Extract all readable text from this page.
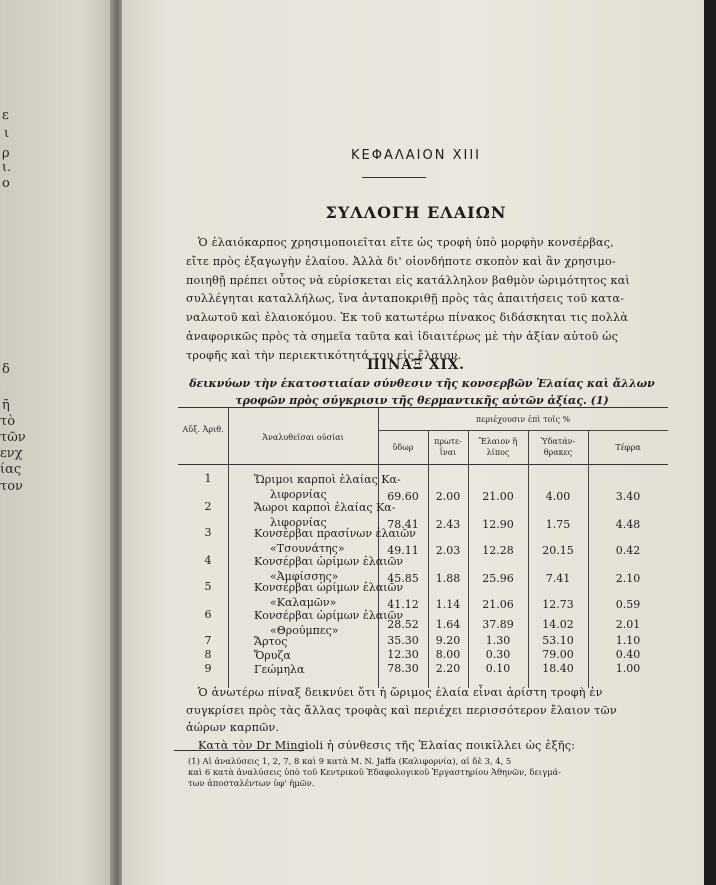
ε
ι
ρ
ι.
ο
δ
ῆ
τὸ
τῶν
ενχ
ίας
τον
ΚΕΦΑΛΑΙΟΝ XIII
ΣΥΛΛΟΓΗ ΕΛΑΙΩΝ
Ὁ ἐλαιόκαρπος χρησιμοποιεῖται εἴτε ὡς τροφὴ ὑπὸ μορφὴν κονσέρβας,
εἴτε πρὸς ἐξαγωγὴν ἐλαίου. Ἀλλὰ δι' οἱονδήποτε σκοπὸν καὶ ἂν χρησιμο-
ποιηθῇ πρέπει οὗτος νὰ εὑρίσκεται εἰς κατάλληλον βαθμὸν ὡριμότητος καὶ
συλλέγηται καταλλήλως, ἵνα ἀνταποκριθῇ πρὸς τὰς ἀπαιτήσεις τοῦ κατα-
ναλωτοῦ καὶ ἐλαιοκόμου. Ἐκ τοῦ κατωτέρω πίνακος διδάσκηται τις πολλὰ
ἀναφορικῶς πρὸς τὰ σημεῖα ταῦτα καὶ ἰδιαιτέρως μὲ τὴν ἀξίαν αὐτοῦ ὡς
τροφῆς καὶ τὴν περιεκτικότητά του εἰς ἔλαιον.
ΠΙΝΑΞ XIX.
δεικνύων τὴν ἑκατοστιαίαν σύνθεσιν τῆς κονσερβῶν Ἐλαίας καὶ ἄλλων
τροφῶν πρὸς σύγκρισιν τῆς θερμαντικῆς αὐτῶν ἀξίας. (1)
Αὔξ. Ἀριθ.
Ἀναλυθεῖσαι οὐσίαι
περιέχουσιν ἐπὶ τοῖς %
ὕδωρ
πρωτε-ΐναι
Ἔλαιον ἢ λίπος
Ὑδατάν-θρακες
Τέφρα
1	Ὥριμοι καρποὶ ἐλαίας Κα-
λιφορνίας	69.60	2.00	21.00	4.00	3.40
2	Ἄωροι καρποὶ ἐλαίας Κα-
λιφορνίας	78.41	2.43	12.90	1.75	4.48
3	Κονσέρβαι πρασίνων ἐλαιῶν
«Τσουνάτης»	49.11	2.03	12.28	20.15	0.42
4	Κονσέρβαι ὡρίμων ἐλαιῶν
«Ἀμφίσσης»	45.85	1.88	25.96	7.41	2.10
5	Κονσέρβαι ὡρίμων ἐλαιῶν
«Καλαμῶν»	41.12	1.14	21.06	12.73	0.59
6	Κονσέρβαι ὡρίμων ἐλαιῶν
«Θρούμπες»	28.52	1.64	37.89	14.02	2.01
7	Ἄρτος	35.30	9.20	1.30	53.10	1.10
8	Ὄρυζα	12.30	8.00	0.30	79.00	0.40
9	Γεώμηλα	78.30	2.20	0.10	18.40	1.00
Ὁ ἀνωτέρω πίναξ δεικνύει ὅτι ἡ ὥριμος ἐλαία εἶναι ἀρίστη τροφὴ ἐν
συγκρίσει πρὸς τὰς ἄλλας τροφὰς καὶ περιέχει περισσότερον ἔλαιον τῶν
ἀώρων καρπῶν.
Κατὰ τὸν Dr Mingioli ἡ σύνθεσις τῆς Ἐλαίας ποικίλλει ὡς ἑξῆς:
(1) Αἱ ἀναλύσεις 1, 2, 7, 8 καὶ 9 κατὰ M. N. Jaffa (Καλιφορνία), αἱ δὲ 3, 4, 5
καὶ 6 κατὰ ἀναλύσεις ὑπὸ τοῦ Κεντρικοῦ Ἐδαφολογικοῦ Ἐργαστηρίου Ἀθηνῶν, δειγμά-
των ἀποσταλέντων ὑφ' ἡμῶν.
